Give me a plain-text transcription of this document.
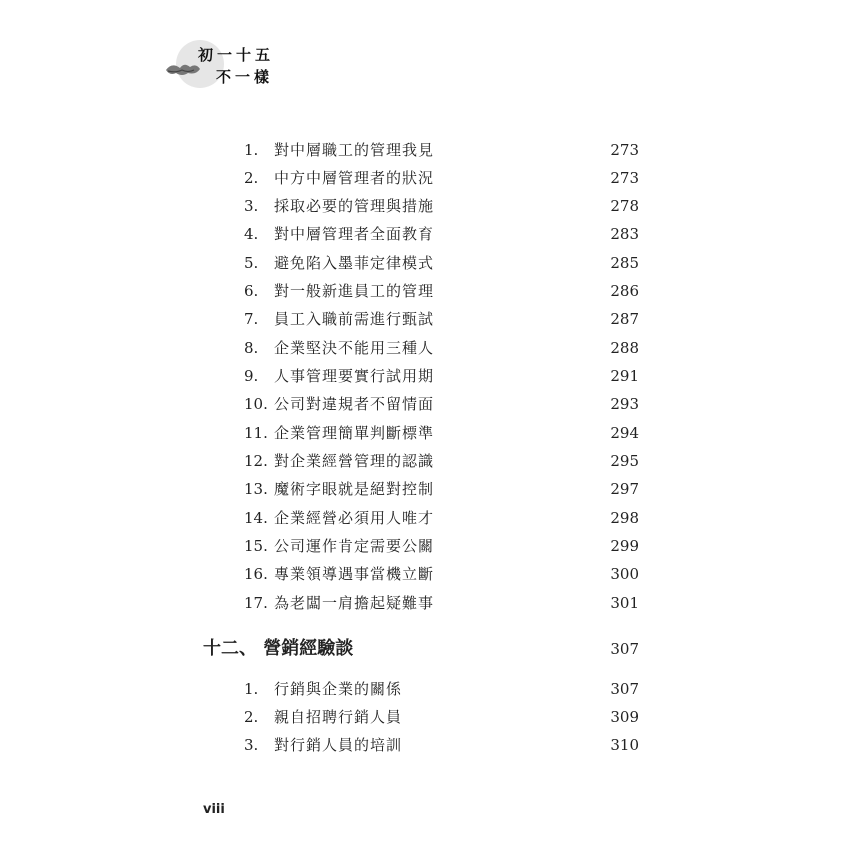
初一十五
不一樣
1.	對中層職工的管理我見	273
2.	中方中層管理者的狀況	273
3.	採取必要的管理與措施	278
4.	對中層管理者全面教育	283
5.	避免陷入墨菲定律模式	285
6.	對一般新進員工的管理	286
7.	員工入職前需進行甄試	287
8.	企業堅決不能用三種人	288
9.	人事管理要實行試用期	291
10. 公司對違規者不留情面	293
11. 企業管理簡單判斷標準	294
12. 對企業經營管理的認識	295
13. 魔術字眼就是絕對控制	297
14. 企業經營必須用人唯才	298
15. 公司運作肯定需要公關	299
16. 專業領導遇事當機立斷	300
17. 為老闆一肩擔起疑難事	301
十二、 營銷經驗談	307
1.	行銷與企業的關係	307
2.	親自招聘行銷人員	309
3.	對行銷人員的培訓	310
viii
